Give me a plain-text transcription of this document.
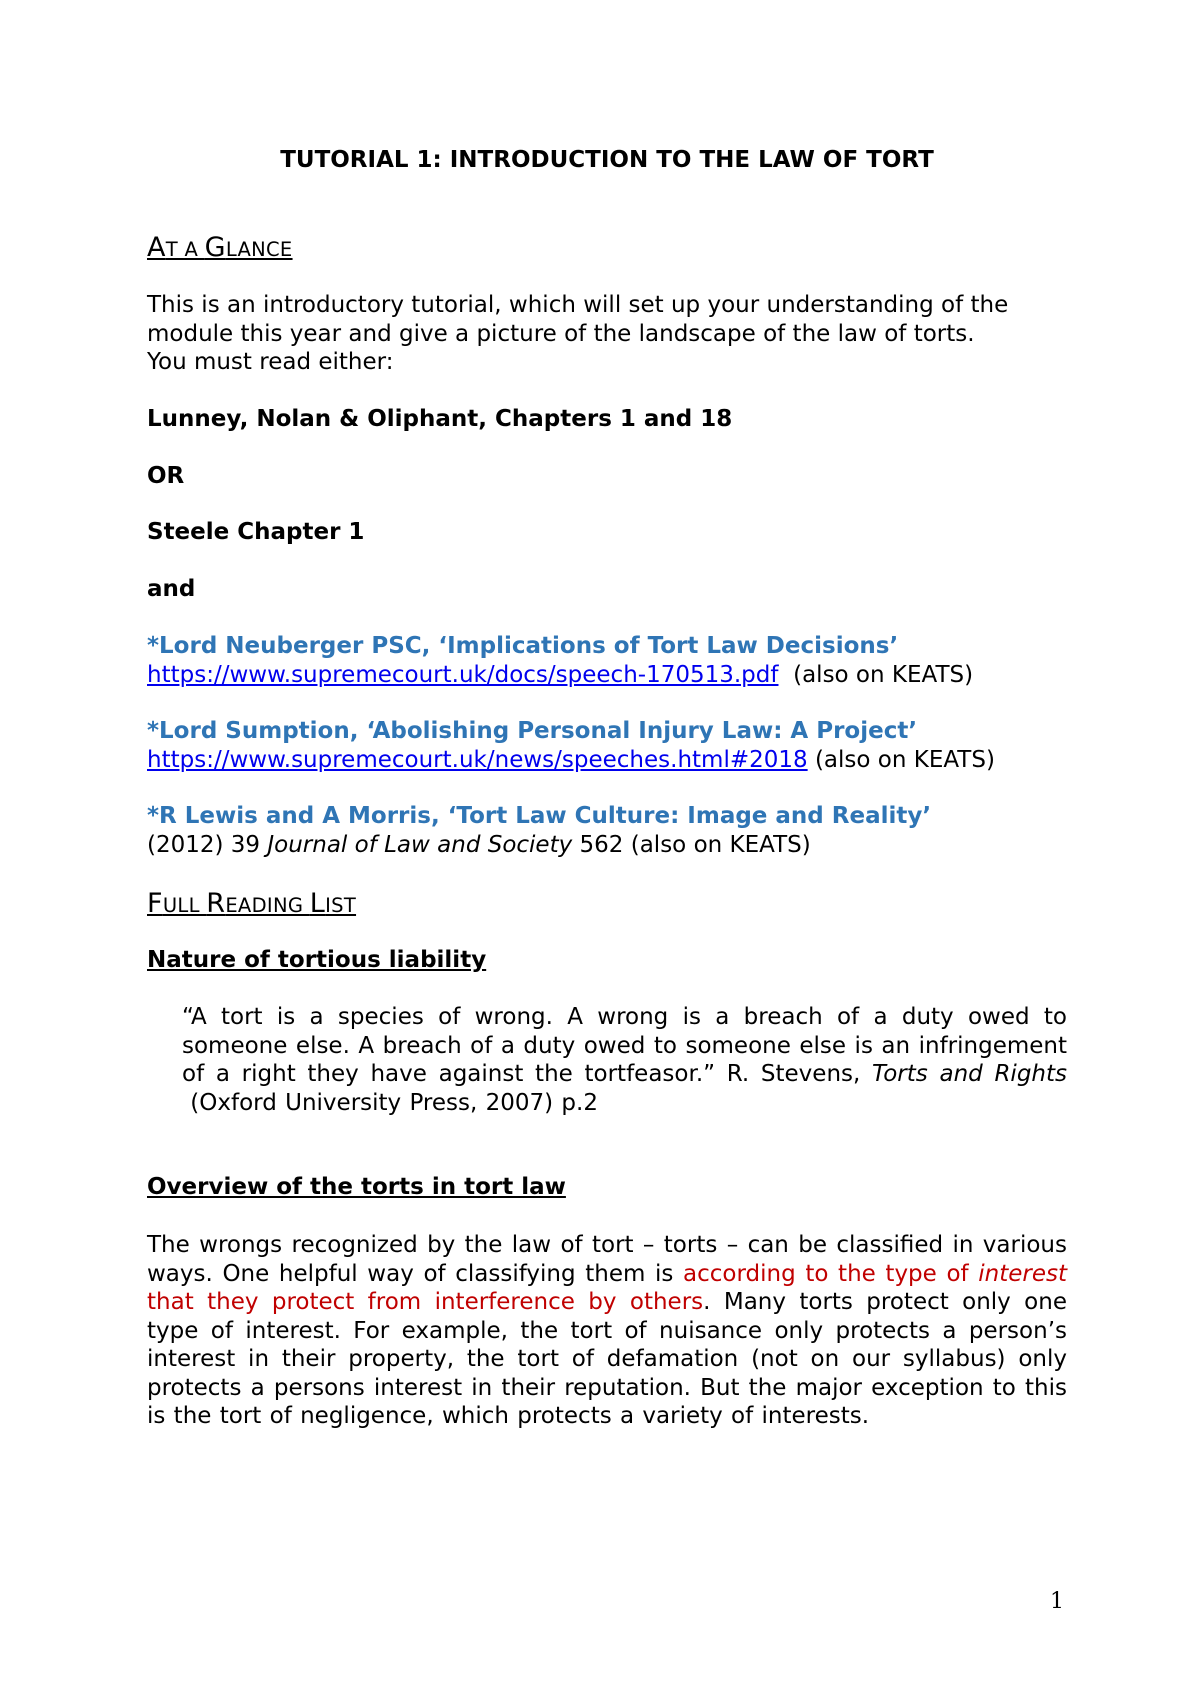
TUTORIAL 1: INTRODUCTION TO THE LAW OF TORT

AT A GLANCE

This is an introductory tutorial, which will set up your understanding of the
module this year and give a picture of the landscape of the law of torts.
You must read either:

Lunney, Nolan & Oliphant, Chapters 1 and 18

OR

Steele Chapter 1

and

*Lord Neuberger PSC, ‘Implications of Tort Law Decisions’
https://www.supremecourt.uk/docs/speech-170513.pdf  (also on KEATS)

*Lord Sumption, ‘Abolishing Personal Injury Law: A Project’
https://www.supremecourt.uk/news/speeches.html#2018 (also on KEATS)

*R Lewis and A Morris, ‘Tort Law Culture: Image and Reality’
(2012) 39 Journal of Law and Society 562 (also on KEATS)

FULL READING LIST

Nature of tortious liability

“A tort is a species of wrong. A wrong is a breach of a duty owed to someone else. A breach of a duty owed to someone else is an infringement of a right they have against the tortfeasor.” R. Stevens, Torts and Rights (Oxford University Press, 2007) p.2

Overview of the torts in tort law

The wrongs recognized by the law of tort – torts – can be classified in various ways. One helpful way of classifying them is according to the type of interest that they protect from interference by others. Many torts protect only one type of interest. For example, the tort of nuisance only protects a person’s interest in their property, the tort of defamation (not on our syllabus) only protects a persons interest in their reputation. But the major exception to this is the tort of negligence, which protects a variety of interests.

1
